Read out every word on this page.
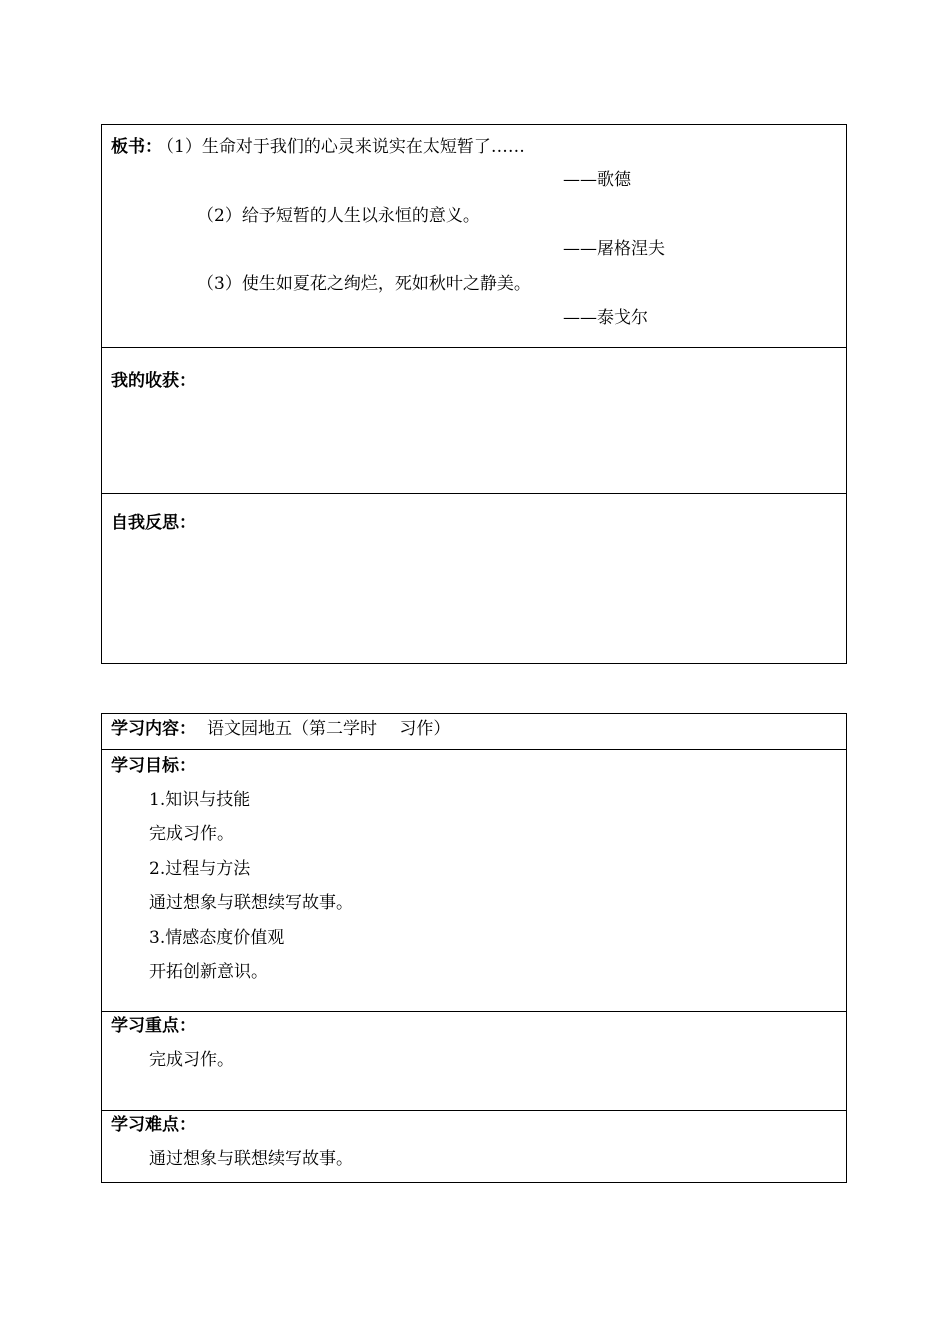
板书：
（1）生命对于我们的心灵来说实在太短暂了……
——歌德
（2）给予短暂的人生以永恒的意义。
——屠格涅夫
（3）使生如夏花之绚烂，死如秋叶之静美。
——泰戈尔
我的收获：
自我反思：
学习内容： 语文园地五（第二学时　 习作）
学习目标：
1.知识与技能
完成习作。
2.过程与方法
通过想象与联想续写故事。
3.情感态度价值观
开拓创新意识。
学习重点：
完成习作。
学习难点：
通过想象与联想续写故事。
